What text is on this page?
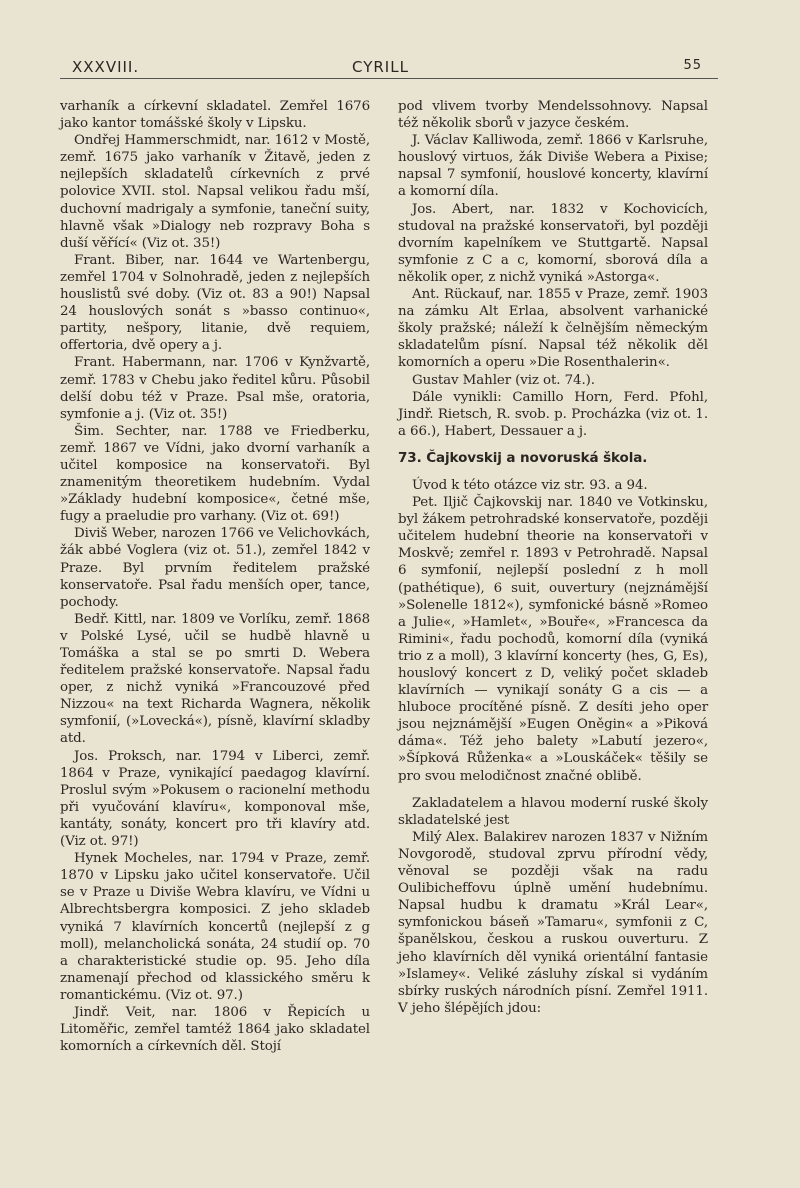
XXXVIII.	CYRILL	55

varhaník a církevní skladatel. Zemřel 1676 jako kantor tomášské školy v Lipsku.

Ondřej Hammerschmidt, nar. 1612 v Mostě, zemř. 1675 jako varhaník v Žitavě, jeden z nejlepších skladatelů církevních z prvé polovice XVII. stol. Napsal velikou řadu mší, duchovní madrigaly a symfonie, taneční suity, hlavně však »Dialogy neb rozpravy Boha s duší věřící« (Viz ot. 35!)

Frant. Biber, nar. 1644 ve Wartenbergu, zemřel 1704 v Solnohradě, jeden z nejlepších houslistů své doby. (Viz ot. 83 a 90!) Napsal 24 houslových sonát s »basso continuo«, partity, nešpory, litanie, dvě requiem, offertoria, dvě opery a j.

Frant. Habermann, nar. 1706 v Kynžvartě, zemř. 1783 v Chebu jako ředitel kůru. Působil delší dobu též v Praze. Psal mše, oratoria, symfonie a j. (Viz ot. 35!)

Šim. Sechter, nar. 1788 ve Friedberku, zemř. 1867 ve Vídni, jako dvorní varhaník a učitel komposice na konservatoři. Byl znamenitým theoretikem hudebním. Vydal »Základy hudební komposice«, četné mše, fugy a praeludie pro varhany. (Viz ot. 69!)

Diviš Weber, narozen 1766 ve Velichovkách, žák abbé Voglera (viz ot. 51.), zemřel 1842 v Praze. Byl prvním ředitelem pražské konservatoře. Psal řadu menších oper, tance, pochody.

Bedř. Kittl, nar. 1809 ve Vorlíku, zemř. 1868 v Polské Lysé, učil se hudbě hlavně u Tomáška a stal se po smrti D. Webera ředitelem pražské konservatoře. Napsal řadu oper, z nichž vyniká »Francouzové před Nizzou« na text Richarda Wagnera, několik symfonií, (»Lovecká«), písně, klavírní skladby atd.

Jos. Proksch, nar. 1794 v Liberci, zemř. 1864 v Praze, vynikající paedagog klavírní. Proslul svým »Pokusem o racionelní methodu při vyučování klavíru«, komponoval mše, kantáty, sonáty, koncert pro tři klavíry atd. (Viz ot. 97!)

Hynek Mocheles, nar. 1794 v Praze, zemř. 1870 v Lipsku jako učitel konservatoře. Učil se v Praze u Diviše Webra klavíru, ve Vídni u Albrechtsbergra komposici. Z jeho skladeb vyniká 7 klavírních koncertů (nejlepší z g moll), melancholická sonáta, 24 studií op. 70 a charakteristické studie op. 95. Jeho díla znamenají přechod od klassického směru k romantickému. (Viz ot. 97.)

Jindř. Veit, nar. 1806 v Řepicích u Litoměřic, zemřel tamtéž 1864 jako skladatel komorních a církevních děl. Stojí

pod vlivem tvorby Mendelssohnovy. Napsal též několik sborů v jazyce českém.

J. Václav Kalliwoda, zemř. 1866 v Karlsruhe, houslový virtuos, žák Diviše Webera a Pixise; napsal 7 symfonií, houslové koncerty, klavírní a komorní díla.

Jos. Abert, nar. 1832 v Kochovicích, studoval na pražské konservatoři, byl později dvorním kapelníkem ve Stuttgartě. Napsal symfonie z C a c, komorní, sborová díla a několik oper, z nichž vyniká »Astorga«.

Ant. Rückauf, nar. 1855 v Praze, zemř. 1903 na zámku Alt Erlaa, absolvent varhanické školy pražské; náleží k čelnějším německým skladatelům písní. Napsal též několik děl komorních a operu »Die Rosenthalerin«.

Gustav Mahler (viz ot. 74.).

Dále vynikli: Camillo Horn, Ferd. Pfohl, Jindř. Rietsch, R. svob. p. Procházka (viz ot. 1. a 66.), Habert, Dessauer a j.

73. Čajkovskij a novoruská škola.

Úvod k této otázce viz str. 93. a 94.

Pet. Iljič Čajkovskij nar. 1840 ve Votkinsku, byl žákem petrohradské konservatoře, později učitelem hudební theorie na konservatoři v Moskvě; zemřel r. 1893 v Petrohradě. Napsal 6 symfonií, nejlepší poslední z h moll (pathétique), 6 suit, ouvertury (nejznámější »Solenelle 1812«), symfonické básně »Romeo a Julie«, »Hamlet«, »Bouře«, »Francesca da Rimini«, řadu pochodů, komorní díla (vyniká trio z a moll), 3 klavírní koncerty (hes, G, Es), houslový koncert z D, veliký počet skladeb klavírních — vynikají sonáty G a cis — a hluboce procítěné písně. Z desíti jeho oper jsou nejznámější »Eugen Oněgin« a »Piková dáma«. Též jeho balety »Labutí jezero«, »Šípková Růženka« a »Louskáček« těšily se pro svou melodičnost značné oblibě.

Zakladatelem a hlavou moderní ruské školy skladatelské jest

Milý Alex. Balakirev narozen 1837 v Nižním Novgorodě, studoval zprvu přírodní vědy, věnoval se později však na radu Oulibicheffovu úplně umění hudebnímu. Napsal hudbu k dramatu »Král Lear«, symfonickou báseň »Tamaru«, symfonii z C, španělskou, českou a ruskou ouverturu. Z jeho klavírních děl vyniká orientální fantasie »Islamey«. Veliké zásluhy získal si vydáním sbírky ruských národních písní. Zemřel 1911. V jeho šlépějích jdou:
